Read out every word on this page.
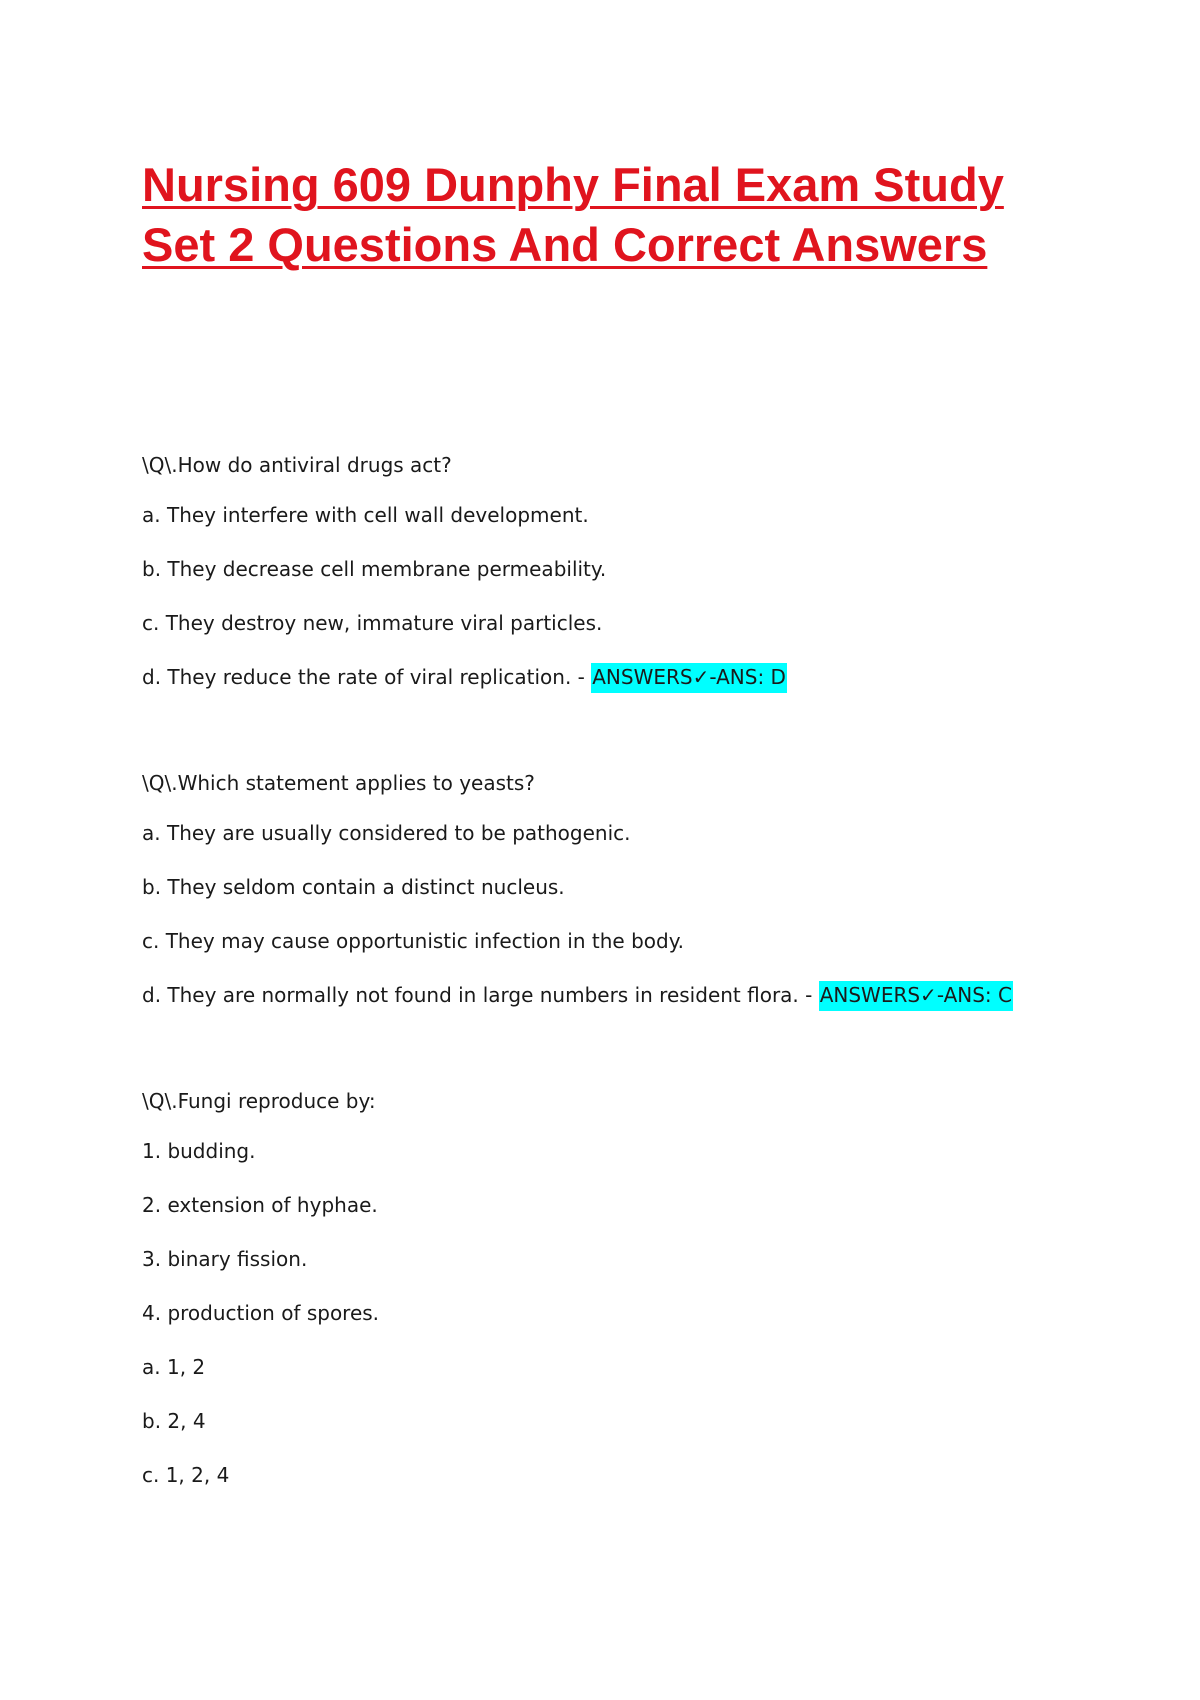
Nursing 609 Dunphy Final Exam Study
Set 2 Questions And Correct Answers

\Q\.How do antiviral drugs act?

a. They interfere with cell wall development.

b. They decrease cell membrane permeability.

c. They destroy new, immature viral particles.

d. They reduce the rate of viral replication. - ANSWERS✓-ANS: D

\Q\.Which statement applies to yeasts?

a. They are usually considered to be pathogenic.

b. They seldom contain a distinct nucleus.

c. They may cause opportunistic infection in the body.

d. They are normally not found in large numbers in resident flora. - ANSWERS✓-ANS: C

\Q\.Fungi reproduce by:

1. budding.

2. extension of hyphae.

3. binary fission.

4. production of spores.

a. 1, 2

b. 2, 4

c. 1, 2, 4
